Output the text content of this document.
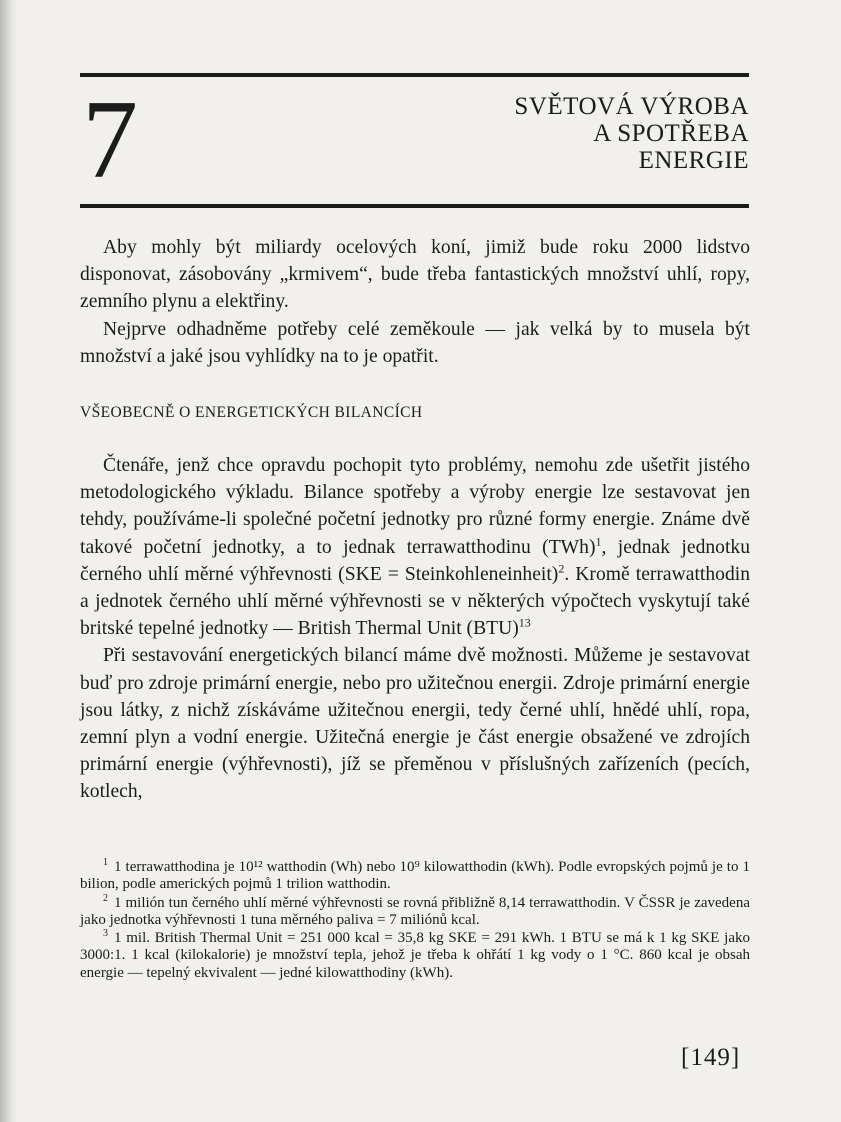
7	SVĚTOVÁ VÝROBA
A SPOTŘEBA
ENERGIE

Aby mohly být miliardy ocelových koní, jimiž bude roku 2000 lidstvo disponovat, zásobovány „krmivem“, bude třeba fantastických množství uhlí, ropy, zemního plynu a elektřiny.

Nejprve odhadněme potřeby celé zeměkoule — jak velká by to musela být množství a jaké jsou vyhlídky na to je opatřit.

VŠEOBECNĚ O ENERGETICKÝCH BILANCÍCH

Čtenáře, jenž chce opravdu pochopit tyto problémy, nemohu zde ušetřit jistého metodologického výkladu. Bilance spotřeby a výroby energie lze sestavovat jen tehdy, používáme-li společné početní jednotky pro různé formy energie. Známe dvě takové početní jednotky, a to jednak terrawatthodinu (TWh)$^1$, jednak jednotku černého uhlí měrné výhřevnosti (SKE = Steinkohleneinheit)$^2$. Kromě terrawatthodin a jednotek černého uhlí měrné výhřevnosti se v některých výpočtech vyskytují také britské tepelné jednotky — British Thermal Unit (BTU)$^{13}$

Při sestavování energetických bilancí máme dvě možnosti. Můžeme je sestavovat buď pro zdroje primární energie, nebo pro užitečnou energii. Zdroje primární energie jsou látky, z nichž získáváme užitečnou energii, tedy černé uhlí, hnědé uhlí, ropa, zemní plyn a vodní energie. Užitečná energie je část energie obsažené ve zdrojích primární energie (výhřevnosti), jíž se přeměnou v příslušných zařízeních (pecích, kotlech,

$^1$ 1 terrawatthodina je 10¹² watthodin (Wh) nebo 10⁹ kilowatthodin (kWh). Podle evropských pojmů je to 1 bilion, podle amerických pojmů 1 trilion watthodin.

$^2$ 1 milión tun černého uhlí měrné výhřevnosti se rovná přibližně 8,14 terrawatthodin. V ČSSR je zavedena jako jednotka výhřevnosti 1 tuna měrného paliva = 7 miliónů kcal.

$^3$ 1 mil. British Thermal Unit = 251 000 kcal = 35,8 kg SKE = 291 kWh. 1 BTU se má k 1 kg SKE jako 3000:1. 1 kcal (kilokalorie) je množství tepla, jehož je třeba k ohřátí 1 kg vody o 1 °C. 860 kcal je obsah energie — tepelný ekvivalent — jedné kilowatthodiny (kWh).

[149]
